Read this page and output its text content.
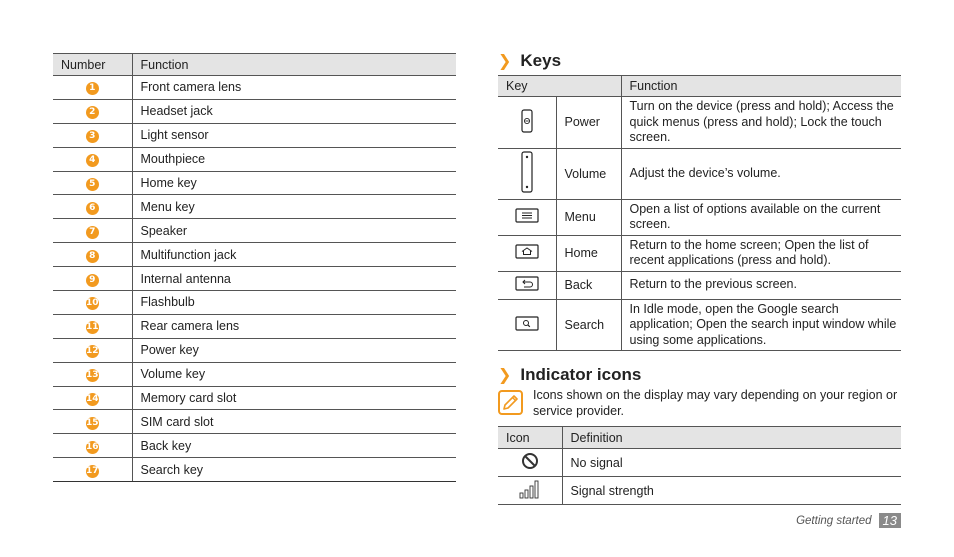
Number	Function
1	Front camera lens
2	Headset jack
3	Light sensor
4	Mouthpiece
5	Home key
6	Menu key
7	Speaker
8	Multifunction jack
9	Internal antenna
10	Flashbulb
11	Rear camera lens
12	Power key
13	Volume key
14	Memory card slot
15	SIM card slot
16	Back key
17	Search key
❯ Keys
Key		Function
	Power	Turn on the device (press and hold); Access the quick menus (press and hold); Lock the touch screen.
	Volume	Adjust the device’s volume.
	Menu	Open a list of options available on the current screen.
	Home	Return to the home screen; Open the list of recent applications (press and hold).
	Back	Return to the previous screen.
	Search	In Idle mode, open the Google search application; Open the search input window while using some applications.
❯ Indicator icons
Icons shown on the display may vary depending on your region or service provider.
Icon	Definition
	No signal
	Signal strength
Getting started 13
